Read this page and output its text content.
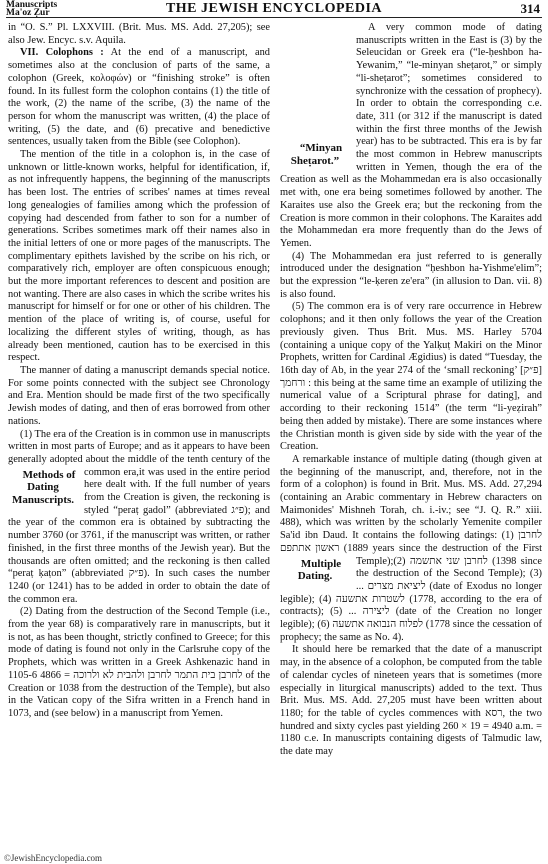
Manuscripts
Ma'oz Ẓur	THE JEWISH ENCYCLOPEDIA	314

in “O. S.” Pl. LXXVIII. (Brit. Mus. MS. Add. 27,205); see also Jew. Encyc. s.v. Aquila.

VII. Colophons : At the end of a manuscript, and sometimes also at the conclusion of parts of the same, a colophon (Greek, κολοφών) or “finishing stroke” is often found. In its fullest form the colophon contains (1) the title of the work, (2) the name of the scribe, (3) the name of the person for whom the manuscript was written, (4) the place of writing, (5) the date, and (6) precative and benedictive sentences, usually taken from the Bible (see Colophon).

The mention of the title in a colophon is, in the case of unknown or little-known works, helpful for identification, if, as not infrequently happens, the beginning of the manuscripts has been lost. The entries of scribes' names at times reveal long genealogies of families among which the profession of copying had descended from father to son for a number of generations. Scribes sometimes mark off their names also in the initial letters of one or more pages of the manuscripts. The complimentary epithets lavished by the scribe on his rich, or comparatively rich, employer are often conspicuous enough; but the more important references to descent and position are not wanting. There are also cases in which the scribe writes his manuscript for himself or for one or other of his children. The mention of the place of writing is, of course, useful for localizing the different styles of writing, though, as has already been mentioned, caution has to be exercised in this respect.

The manner of dating a manuscript demands special notice. For some points connected with the subject see Chronology and Era. Mention should be made first of the two specifically Jewish modes of dating, and then of eras borrowed from other nations.

(1) The era of the Creation is in common use in manuscripts written in most parts of Europe; and as it appears to have been generally adopted about the middle of the tenth century of the common era,
Methods of Dating Manuscripts.
it was used in the entire period here dealt with. If the full number of years from the Creation is given, the reckoning is styled “peraṭ gadol” (abbreviated פ״ג); and the year of the common era is obtained by subtracting the number 3760 (or 3761, if the manuscript was written, or rather finished, in the first three months of the Jewish year). But the thousands are often omitted; and the reckoning is then called “peraṭ ḳaṭon” (abbreviated פ״ק). In such cases the number 1240 (or 1241) has to be added in order to obtain the date of the common era.

(2) Dating from the destruction of the Second Temple (i.e., from the year 68) is comparatively rare in manuscripts, but it is not, as has been thought, strictly confined to Greece; for this mode of dating is found not only in the Carlsruhe copy of the Prophets, which was written in a Greek Ashkenazic hand in 1105-6 לחרבן בית התמר לחרבן ולהבית לא ולרוכה = 4866 of the Creation or 1038 from the destruction of the Temple), but also in the Vatican copy of the Sifra written in a French hand in 1073, and (see below) in a manuscript from Yemen.

“Minyan Sheṭarot.”
A very common mode of dating manuscripts written in the East is (3) by the Seleucidan or Greek era (“le-ḥeshbon ha-Yewanim,” “le-minyan sheṭarot,” or simply “li-sheṭarot”; sometimes considered to synchronize with the cessation of prophecy). In order to obtain the corresponding c.e. date, 311 (or 312 if the manuscript is dated within the first three months of the Jewish year) has to be subtracted. This era is by far the most common in Hebrew manuscripts written in Yemen, though the era of the Creation as well as the Mohammedan era is also occasionally met with, one era being sometimes followed by another. The Karaites use also the Greek era; but the reckoning from the Creation is more common in their colophons. The Karaites add the Mohammedan era more frequently than do the Jews of Yemen.

(4) The Mohammedan era just referred to is generally introduced under the designation “ḥeshbon ha-Yishme'elim”; but the expression “le-ḳeren ze'era” (in allusion to Dan. vii. 8) is also found.

(5) The common era is of very rare occurrence in Hebrew colophons; and it then only follows the year of the Creation previously given. Thus Brit. Mus. MS. Harley 5704 (containing a unique copy of the Yalḳuṭ Makiri on the Minor Prophets, written for Cardinal Ægidius) is dated “Tuesday, the 16th day of Ab, in the year 274 of the ‘small reckoning’ [פ״ק] ורחמך : this being at the same time an example of utilizing the numerical value of a Scriptural phrase for dating], and according to their reckoning 1514” (the term “li-yeẓirah” being then added by mistake). There are some instances where the Christian month is given side by side with the year of the Creation.

A remarkable instance of multiple dating (though given at the beginning of the manuscript, and, therefore, not in the form of a colophon) is found in Brit. Mus. MS. Add. 27,294 (containing an Arabic commentary in Hebrew characters on Maimonides' Mishneh Torah, ch. i.-iv.; see “J. Q. R.” xiii. 488), which was written by the scholarly Yemenite compiler Sa'id ibn Daud. It contains the following datings: (1) לחרבן ראשון אתתפם (1889 years since the destruction of the First Temple);
Multiple Dating.
(2) לחרבן שני אתשמה (1398 since the destruction of the Second Temple); (3) ... ליציאת מצרים (date of Exodus no longer legible); (4) לשטרות אתשעה (1778, according to the era of contracts); (5) ... ליצירה (date of the Creation no longer legible); (6) לפלוח הנבואה אתשעה (1778 since the cessation of prophecy; the same as No. 4).

It should here be remarked that the date of a manuscript may, in the absence of a colophon, be computed from the table of calendar cycles of nineteen years that is sometimes (more especially in liturgical manuscripts) added to the text. Thus Brit. Mus. MS. Add. 27,205 must have been written about 1180; for the table of cycles commences with רסא, the two hundred and sixty cycles past yielding 260 × 19 = 4940 a.m. = 1180 c.e. In manuscripts containing digests of Talmudic law, the date may

©JewishEncyclopedia.com
